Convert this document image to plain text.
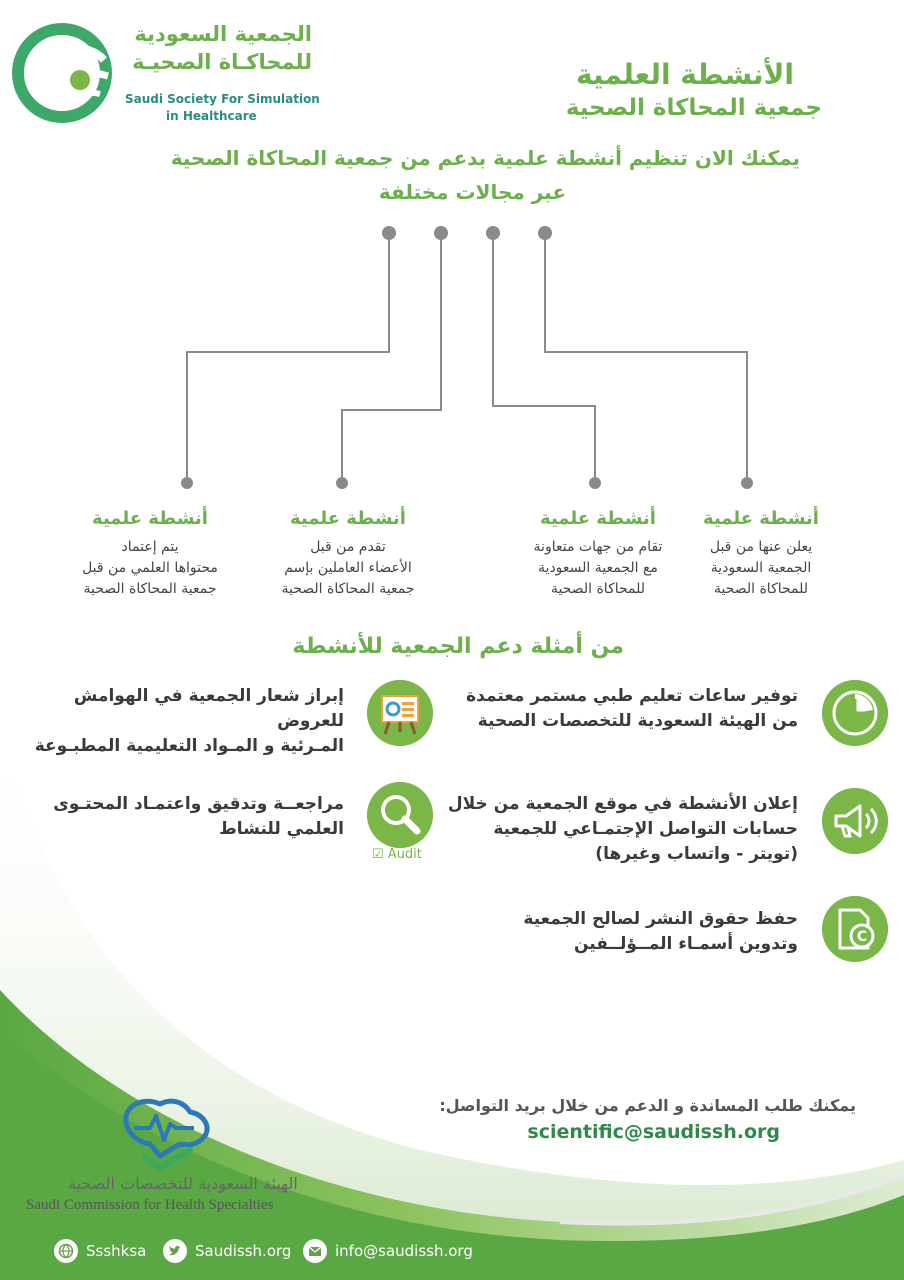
الجمعية السعودية
للمحاكـاة الصحيـة
Saudi Society For Simulation
in Healthcare
الأنشطة العلمية
جمعية المحاكاة الصحية
يمكنك الان تنظيم أنشطة علمية بدعم من جمعية المحاكاة الصحية
عبر مجالات مختلفة
أنشطة علمية

يعلن عنها من قبل

الجمعية السعودية

للمحاكاة الصحية

أنشطة علمية

تقام من جهات متعاونة

مع الجمعية السعودية

للمحاكاة الصحية

أنشطة علمية

تقدم من قبل

الأعضاء العاملين بإسم

جمعية المحاكاة الصحية

أنشطة علمية

يتم إعتماد

محتواها العلمي من قبل

جمعية المحاكاة الصحية

من أمثلة دعم الجمعية للأنشطة
☑ Audit
C
توفير ساعات تعليم طبي مستمر معتمدة
من الهيئة السعودية للتخصصات الصحية
إبراز شعار الجمعية في الهوامش للعروض
المـرئية و المـواد التعليمية المطبـوعة
إعلان الأنشطة في موقع الجمعية من خلال
حسابات التواصل الإجتمـاعي للجمعية
(تويتر - واتساب وغيرها)
مراجعــة وتدقيق واعتمـاد المحتـوى
العلمي للنشاط
حفظ حقوق النشر لصالح الجمعية
وتدوين أسمـاء المــؤلــفين
يمكنك طلب المساندة و الدعم من خلال بريد التواصل:
scientific@saudissh.org
الهيئة السعودية للتخصصات الصحية
Saudi Commission for Health Specialties
Ssshksa	Saudissh.org	info@saudissh.org
